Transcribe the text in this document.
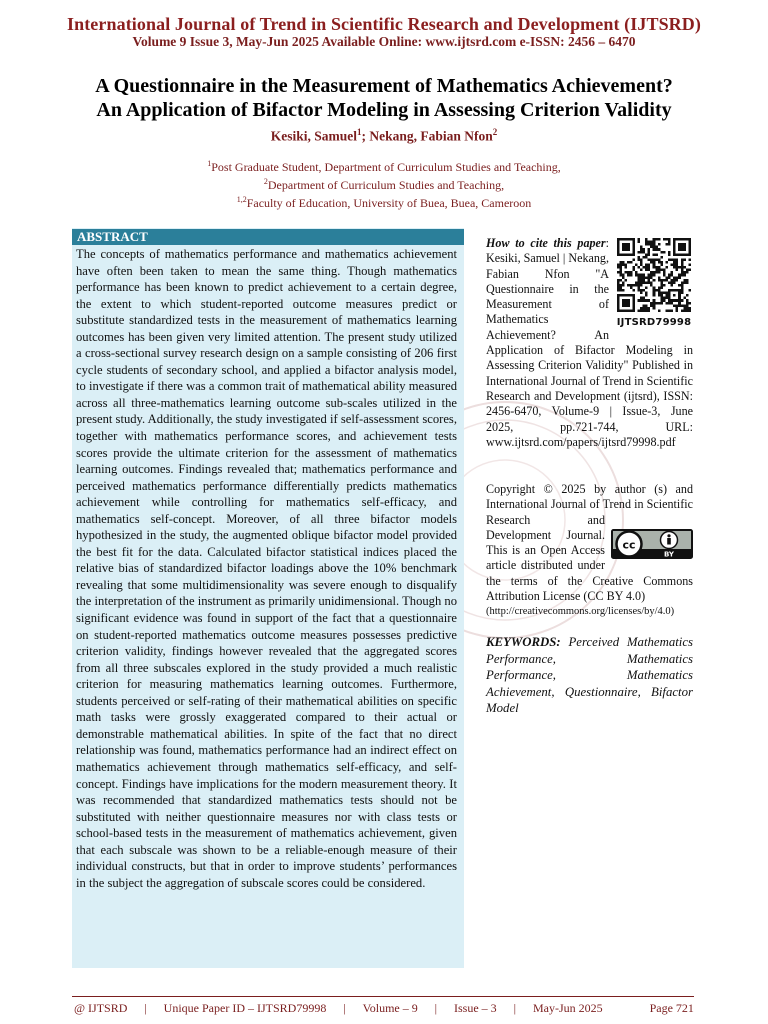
International Journal of Trend in Scientific Research and Development (IJTSRD)
Volume 9 Issue 3, May-Jun 2025 Available Online: www.ijtsrd.com e-ISSN: 2456 – 6470
A Questionnaire in the Measurement of Mathematics Achievement?
An Application of Bifactor Modeling in Assessing Criterion Validity
Kesiki, Samuel$^1$; Nekang, Fabian Nfon$^2$
$^1$Post Graduate Student, Department of Curriculum Studies and Teaching,
$^2$Department of Curriculum Studies and Teaching,
$^{1,2}$Faculty of Education, University of Buea, Buea, Cameroon
ABSTRACT
The concepts of mathematics performance and mathematics achievement have often been taken to mean the same thing. Though mathematics performance has been known to predict achievement to a certain degree, the extent to which student-reported outcome measures predict or substitute standardized tests in the measurement of mathematics learning outcomes has been given very limited attention. The present study utilized a cross-sectional survey research design on a sample consisting of 206 first cycle students of secondary school, and applied a bifactor analysis model, to investigate if there was a common trait of mathematical ability measured across all three-mathematics learning outcome sub-scales utilized in the present study. Additionally, the study investigated if self-assessment scores, together with mathematics performance scores, and achievement tests scores provide the ultimate criterion for the assessment of mathematics learning outcomes. Findings revealed that; mathematics performance and perceived mathematics performance differentially predicts mathematics achievement while controlling for mathematics self-efficacy, and mathematics self-concept. Moreover, of all three bifactor models hypothesized in the study, the augmented oblique bifactor model provided the best fit for the data. Calculated bifactor statistical indices placed the relative bias of standardized bifactor loadings above the 10% benchmark revealing that some multidimensionality was severe enough to disqualify the interpretation of the instrument as primarily unidimensional. Though no significant evidence was found in support of the fact that a questionnaire on student-reported mathematics outcome measures possesses predictive criterion validity, findings however revealed that the aggregated scores from all three subscales explored in the study provided a much realistic criterion for measuring mathematics learning outcomes. Furthermore, students perceived or self-rating of their mathematical abilities on specific math tasks were grossly exaggerated compared to their actual or demonstrable mathematical abilities. In spite of the fact that no direct relationship was found, mathematics performance had an indirect effect on mathematics achievement through mathematics self-efficacy, and self-concept. Findings have implications for the modern measurement theory. It was recommended that standardized mathematics tests should not be substituted with neither questionnaire measures nor with class tests or school-based tests in the measurement of mathematics achievement, given that each subscale was shown to be a reliable-enough measure of their individual constructs, but that in order to improve students’ performances in the subject the aggregation of subscale scores could be considered.
IJTSRD79998
How to cite this paper: Kesiki, Samuel | Nekang, Fabian Nfon "A Questionnaire in the Measurement of Mathematics Achievement? An Application of Bifactor Modeling in Assessing Criterion Validity" Published in International Journal of Trend in Scientific Research and Development (ijtsrd), ISSN: 2456-6470, Volume-9 | Issue-3, June 2025, pp.721-744, URL: www.ijtsrd.com/papers/ijtsrd79998.pdf
cc
BY
Copyright © 2025 by author (s) and International Journal of Trend in Scientific Research and Development Journal. This is an Open Access article distributed under the terms of the Creative Commons Attribution License (CC BY 4.0)
(http://creativecommons.org/licenses/by/4.0)
KEYWORDS: Perceived Mathematics Performance, Mathematics Performance, Mathematics Achievement, Questionnaire, Bifactor Model
@ IJTSRD | Unique Paper ID – IJTSRD79998 | Volume – 9 | Issue – 3 | May-Jun 2025	Page 721
